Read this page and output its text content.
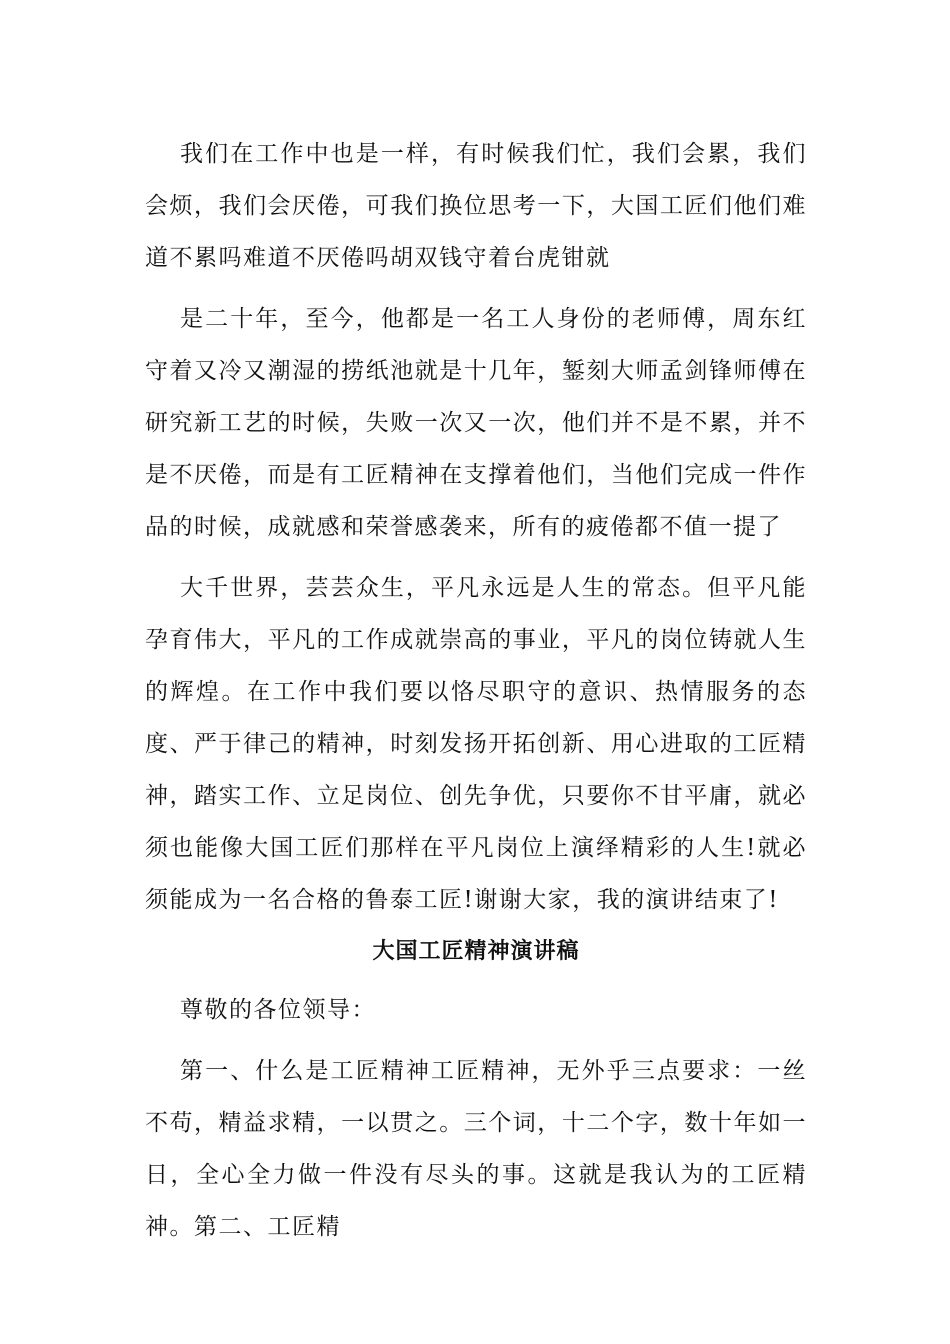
我们在工作中也是一样，有时候我们忙，我们会累，我们会烦，我们会厌倦，可我们换位思考一下，大国工匠们他们难道不累吗难道不厌倦吗胡双钱守着台虎钳就

是二十年，至今，他都是一名工人身份的老师傅，周东红守着又冷又潮湿的捞纸池就是十几年，錾刻大师孟剑锋师傅在研究新工艺的时候，失败一次又一次，他们并不是不累，并不是不厌倦，而是有工匠精神在支撑着他们，当他们完成一件作品的时候，成就感和荣誉感袭来，所有的疲倦都不值一提了

大千世界，芸芸众生，平凡永远是人生的常态。但平凡能孕育伟大，平凡的工作成就崇高的事业，平凡的岗位铸就人生的辉煌。在工作中我们要以恪尽职守的意识、热情服务的态度、严于律己的精神，时刻发扬开拓创新、用心进取的工匠精神，踏实工作、立足岗位、创先争优，只要你不甘平庸，就必须也能像大国工匠们那样在平凡岗位上演绎精彩的人生!就必须能成为一名合格的鲁泰工匠!谢谢大家，我的演讲结束了!

大国工匠精神演讲稿

尊敬的各位领导：

第一、什么是工匠精神工匠精神，无外乎三点要求：一丝不苟，精益求精，一以贯之。三个词，十二个字，数十年如一日，全心全力做一件没有尽头的事。这就是我认为的工匠精神。第二、工匠精
